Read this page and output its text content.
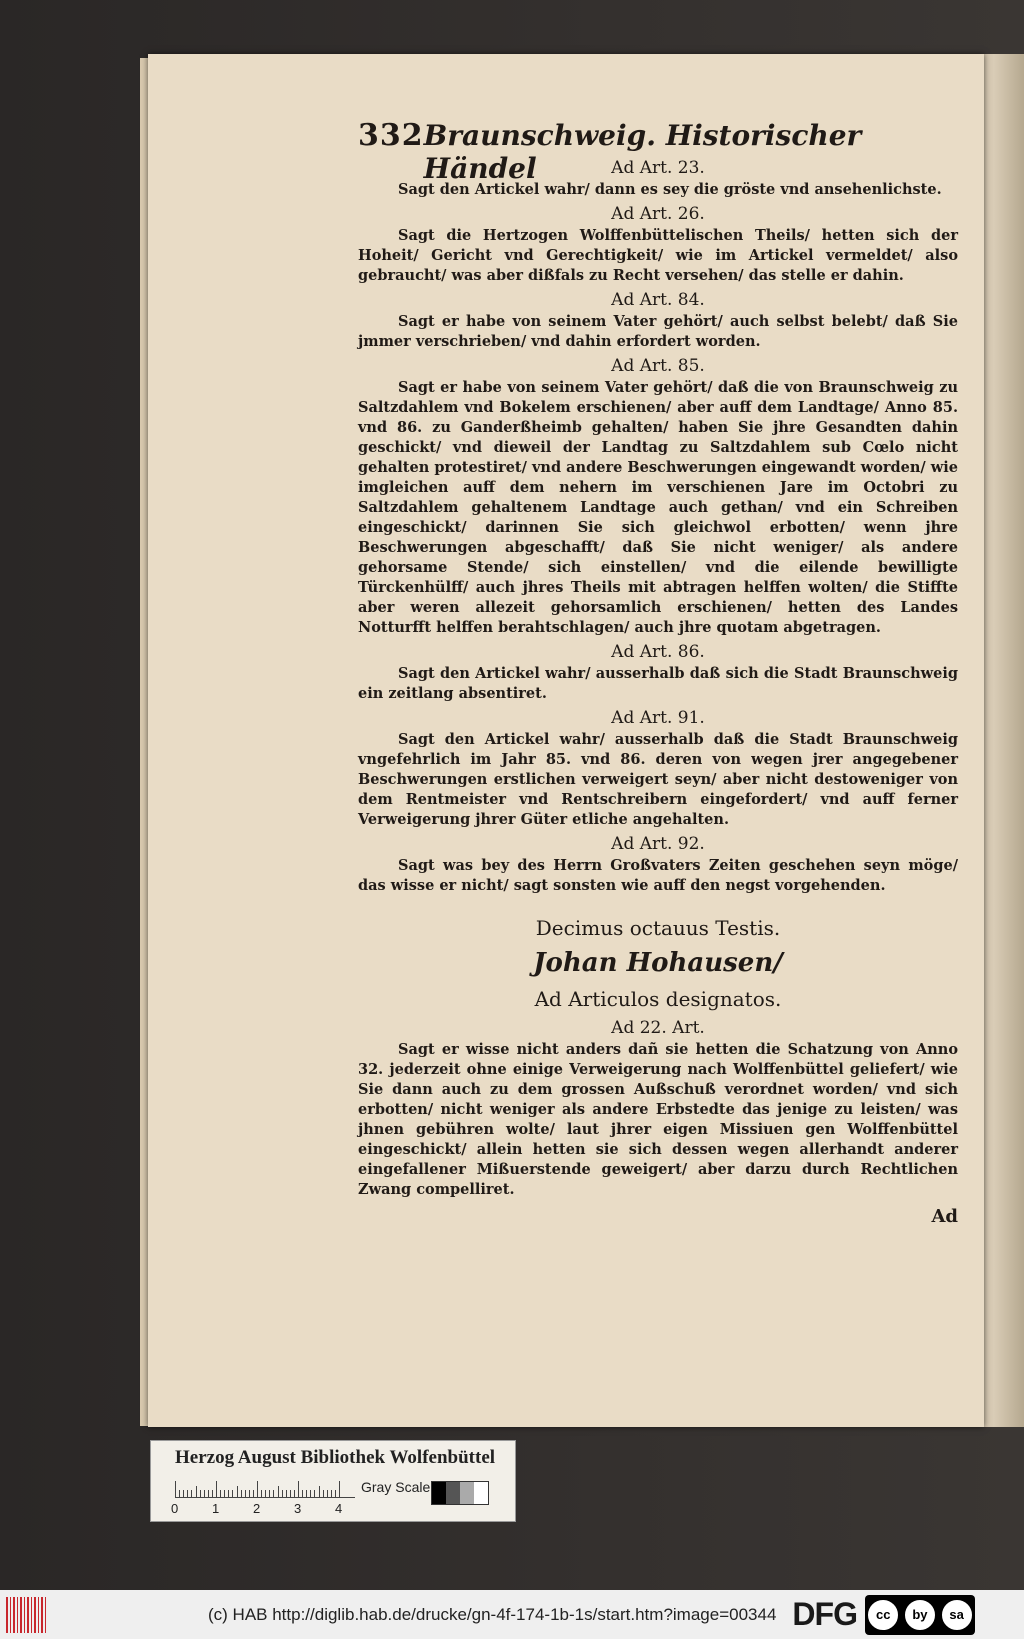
332 Braunschweig. Historischer Händel	Ad Art. 23.

Sagt den Artickel wahr/ dann es sey die gröste vnd ansehenlichste.

Ad Art. 26.

Sagt die Hertzogen Wolffenbüttelischen Theils/ hetten sich der Hoheit/ Gericht vnd Gerechtigkeit/ wie im Artickel vermeldet/ also gebraucht/ was aber dißfals zu Recht versehen/ das stelle er dahin.

Ad Art. 84.

Sagt er habe von seinem Vater gehört/ auch selbst belebt/ daß Sie jmmer verschrieben/ vnd dahin erfordert worden.

Ad Art. 85.

Sagt er habe von seinem Vater gehört/ daß die von Braunschweig zu Saltzdahlem vnd Bokelem erschienen/ aber auff dem Landtage/ Anno 85. vnd 86. zu Ganderßheimb gehalten/ haben Sie jhre Gesandten dahin geschickt/ vnd dieweil der Landtag zu Saltzdahlem sub Cœlo nicht gehalten protestiret/ vnd andere Beschwerungen eingewandt worden/ wie imgleichen auff dem nehern im verschienen Jare im Octobri zu Saltzdahlem gehaltenem Landtage auch gethan/ vnd ein Schreiben eingeschickt/ darinnen Sie sich gleichwol erbotten/ wenn jhre Beschwerungen abgeschafft/ daß Sie nicht weniger/ als andere gehorsame Stende/ sich einstellen/ vnd die eilende bewilligte Türckenhülff/ auch jhres Theils mit abtragen helffen wolten/ die Stiffte aber weren allezeit gehorsamlich erschienen/ hetten des Landes Notturfft helffen berahtschlagen/ auch jhre quotam abgetragen.

Ad Art. 86.

Sagt den Artickel wahr/ ausserhalb daß sich die Stadt Braunschweig ein zeitlang absentiret.

Ad Art. 91.

Sagt den Artickel wahr/ ausserhalb daß die Stadt Braunschweig vngefehrlich im Jahr 85. vnd 86. deren von wegen jrer angegebener Beschwerungen erstlichen verweigert seyn/ aber nicht destoweniger von dem Rentmeister vnd Rentschreibern eingefordert/ vnd auff ferner Verweigerung jhrer Güter etliche angehalten.

Ad Art. 92.

Sagt was bey des Herrn Großvaters Zeiten geschehen seyn möge/ das wisse er nicht/ sagt sonsten wie auff den negst vorgehenden.

Decimus octauus Testis.
Johan Hohausen/
Ad Articulos designatos.
Ad 22. Art.

Sagt er wisse nicht anders dañ sie hetten die Schatzung von Anno 32. jederzeit ohne einige Verweigerung nach Wolffenbüttel geliefert/ wie Sie dann auch zu dem grossen Außschuß verordnet worden/ vnd sich erbotten/ nicht weniger als andere Erbstedte das jenige zu leisten/ was jhnen gebühren wolte/ laut jhrer eigen Missiuen gen Wolffenbüttel eingeschickt/ allein hetten sie sich dessen wegen allerhandt anderer eingefallener Mißuerstende geweigert/ aber darzu durch Rechtlichen Zwang compelliret.

Ad
Herzog August Bibliothek Wolfenbüttel
0	1	2	3	4
Gray Scale
(c) HAB http://diglib.hab.de/drucke/gn-4f-174-1b-1s/start.htm?image=00344 DFG	cc	by	sa
